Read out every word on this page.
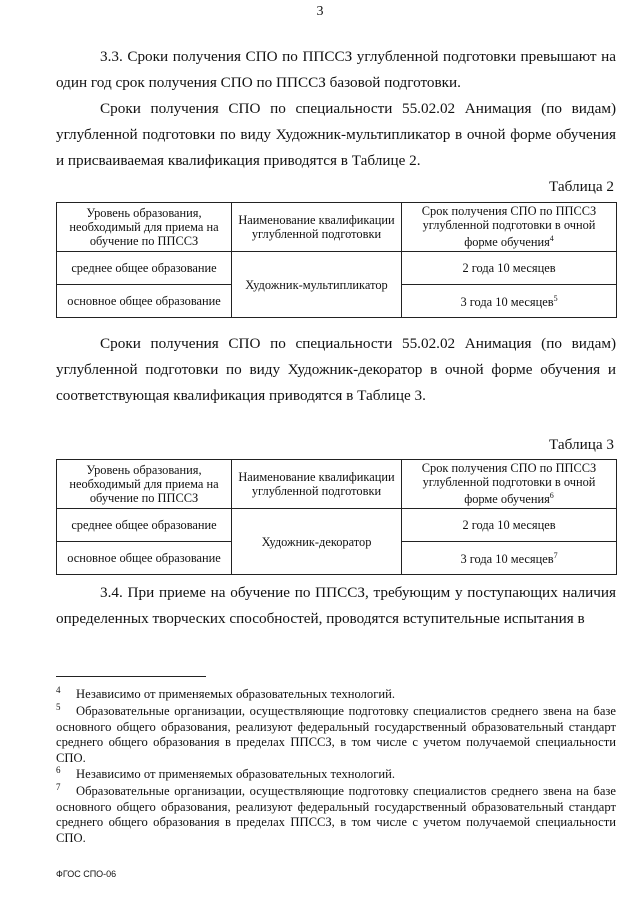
3
3.3. Сроки получения СПО по ППССЗ углубленной подготовки превышают на один год срок получения СПО по ППССЗ базовой подготовки.
Сроки получения СПО по специальности 55.02.02 Анимация (по видам) углубленной подготовки по виду Художник-мультипликатор в очной форме обучения и присваиваемая квалификация приводятся в Таблице 2.
Таблица 2
Уровень образования, необходимый для приема на обучение по ППССЗ	Наименование квалификации углубленной подготовки	Срок получения СПО по ППССЗ углубленной подготовки в очной форме обучения$^4$
среднее общее образование	Художник-мультипликатор	2 года 10 месяцев
основное общее образование		3 года 10 месяцев$^5$
Сроки получения СПО по специальности 55.02.02 Анимация (по видам) углубленной подготовки по виду Художник-декоратор в очной форме обучения и соответствующая квалификация приводятся в Таблице 3.
Таблица 3
Уровень образования, необходимый для приема на обучение по ППССЗ	Наименование квалификации углубленной подготовки	Срок получения СПО по ППССЗ углубленной подготовки в очной форме обучения$^6$
среднее общее образование	Художник-декоратор	2 года 10 месяцев
основное общее образование		3 года 10 месяцев$^7$
3.4. При приеме на обучение по ППССЗ, требующим у поступающих наличия определенных творческих способностей, проводятся вступительные испытания в
$^4$ Независимо от применяемых образовательных технологий.
$^5$ Образовательные организации, осуществляющие подготовку специалистов среднего звена на базе основного общего образования, реализуют федеральный государственный образовательный стандарт среднего общего образования в пределах ППССЗ, в том числе с учетом получаемой специальности СПО.
$^6$ Независимо от применяемых образовательных технологий.
$^7$ Образовательные организации, осуществляющие подготовку специалистов среднего звена на базе основного общего образования, реализуют федеральный государственный образовательный стандарт среднего общего образования в пределах ППССЗ, в том числе с учетом получаемой специальности СПО.
ФГОС СПО-06
